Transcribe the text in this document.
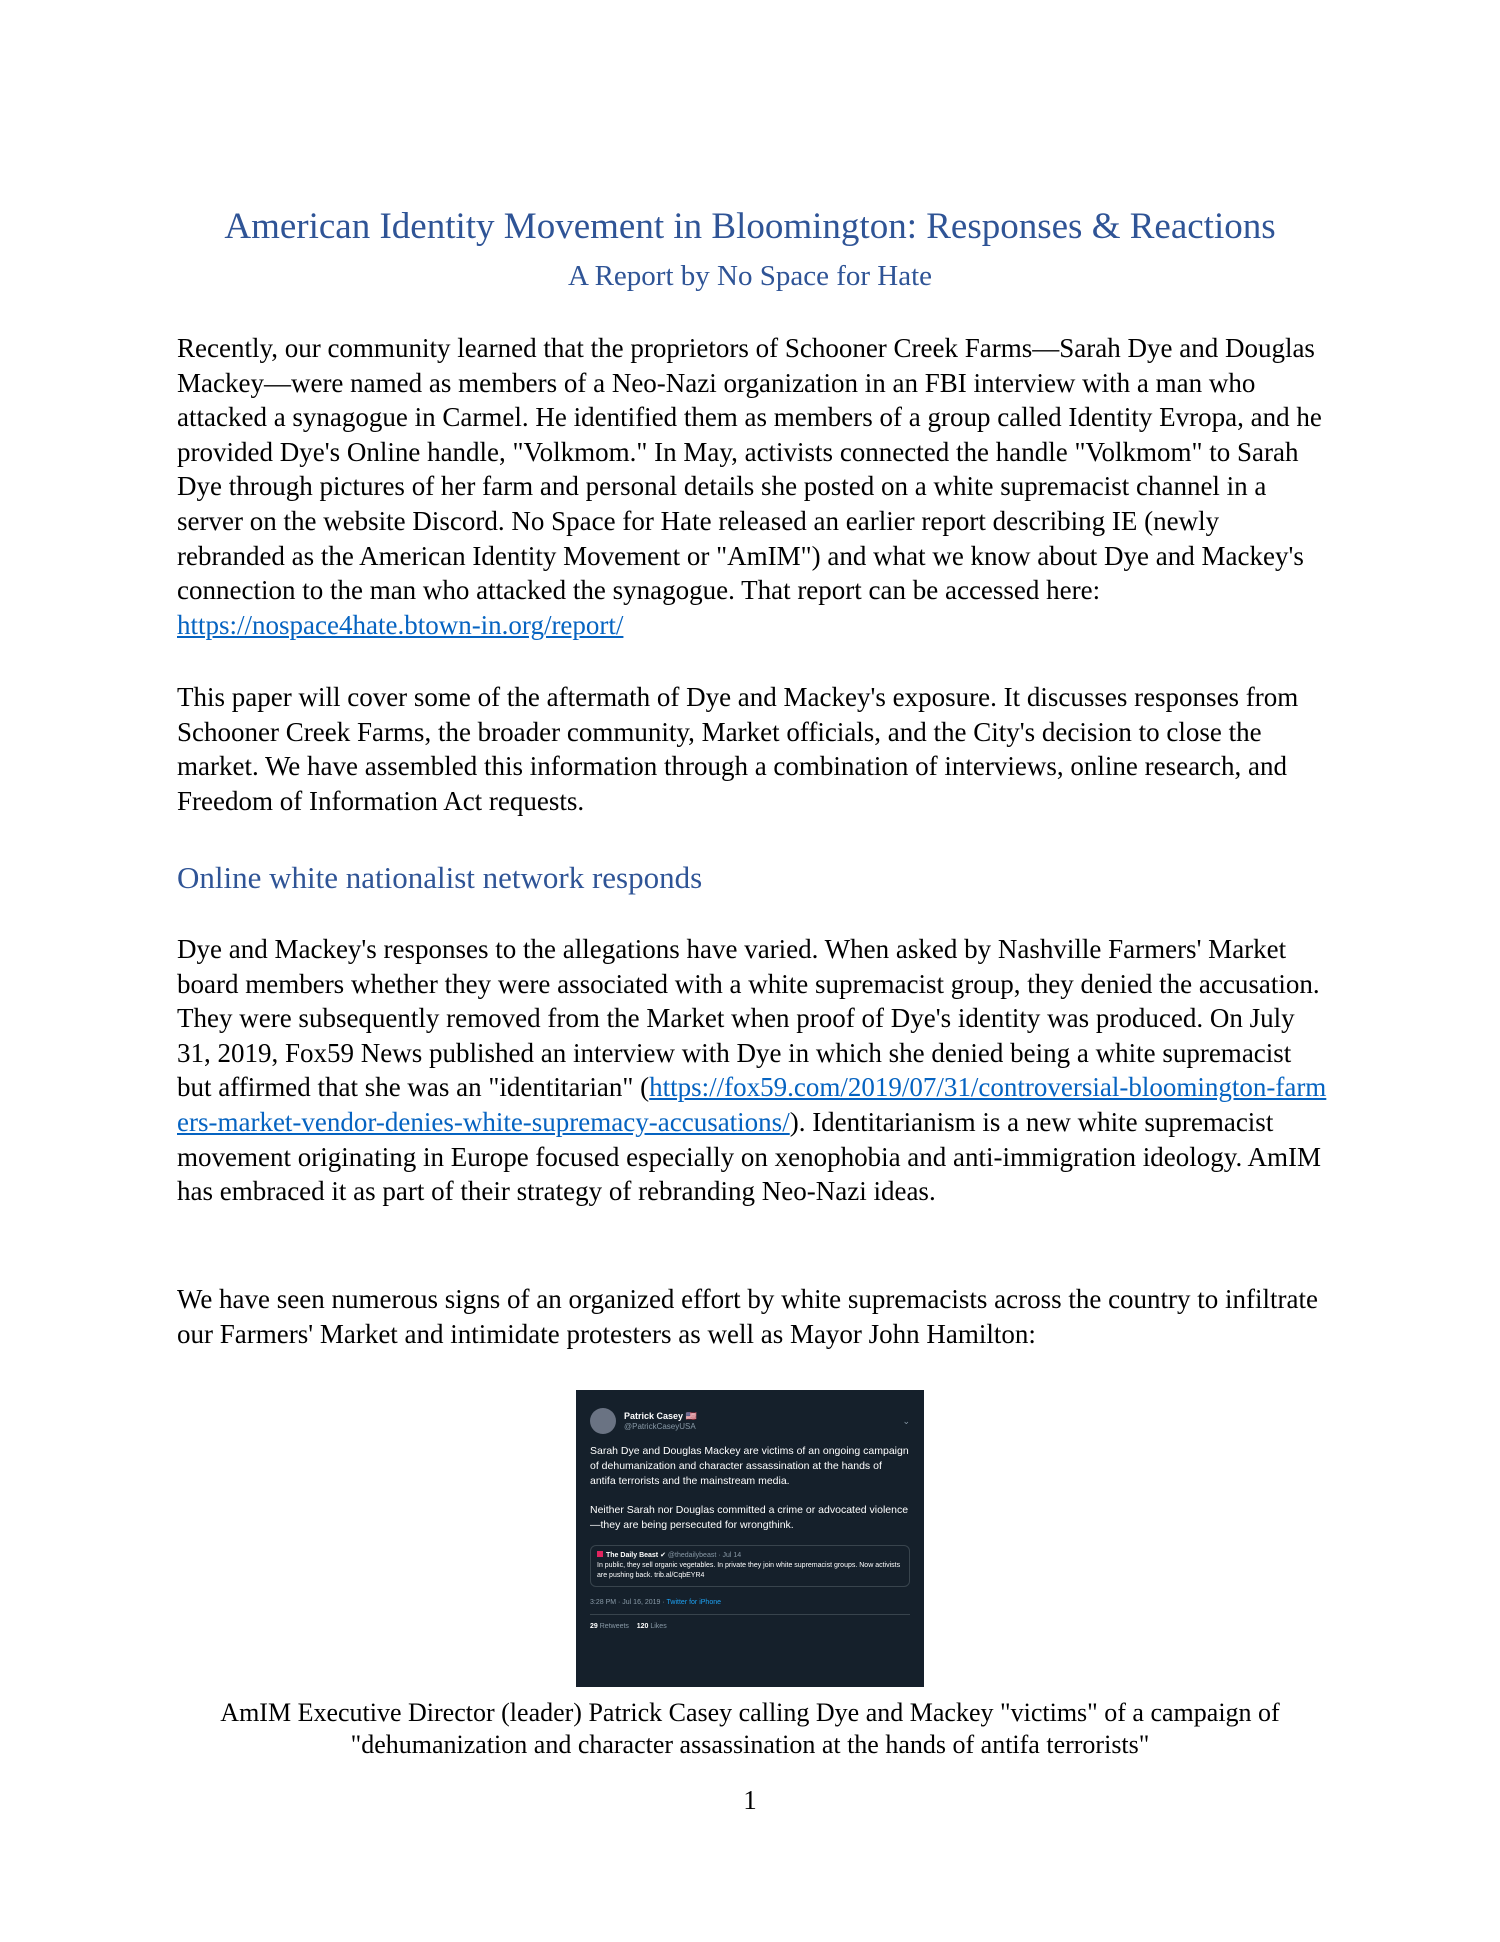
American Identity Movement in Bloomington: Responses & Reactions
A Report by No Space for Hate

Recently, our community learned that the proprietors of Schooner Creek Farms—Sarah Dye and Douglas Mackey—were named as members of a Neo-Nazi organization in an FBI interview with a man who attacked a synagogue in Carmel. He identified them as members of a group called Identity Evropa, and he provided Dye's Online handle, "Volkmom." In May, activists connected the handle "Volkmom" to Sarah Dye through pictures of her farm and personal details she posted on a white supremacist channel in a server on the website Discord. No Space for Hate released an earlier report describing IE (newly rebranded as the American Identity Movement or "AmIM") and what we know about Dye and Mackey's connection to the man who attacked the synagogue. That report can be accessed here: https://nospace4hate.btown-in.org/report/

This paper will cover some of the aftermath of Dye and Mackey's exposure. It discusses responses from Schooner Creek Farms, the broader community, Market officials, and the City's decision to close the market. We have assembled this information through a combination of interviews, online research, and Freedom of Information Act requests.

Online white nationalist network responds

Dye and Mackey's responses to the allegations have varied. When asked by Nashville Farmers' Market board members whether they were associated with a white supremacist group, they denied the accusation. They were subsequently removed from the Market when proof of Dye's identity was produced. On July 31, 2019, Fox59 News published an interview with Dye in which she denied being a white supremacist but affirmed that she was an "identitarian" (https://fox59.com/2019/07/31/controversial-bloomington-farmers-market-vendor-denies-white-supremacy-accusations/). Identitarianism is a new white supremacist movement originating in Europe focused especially on xenophobia and anti-immigration ideology. AmIM has embraced it as part of their strategy of rebranding Neo-Nazi ideas.

We have seen numerous signs of an organized effort by white supremacists across the country to infiltrate our Farmers' Market and intimidate protesters as well as Mayor John Hamilton:

Patrick Casey 🇺🇸
@PatrickCaseyUSA
⌄
Sarah Dye and Douglas Mackey are victims of an ongoing campaign of dehumanization and character assassination at the hands of antifa terrorists and the mainstream media.
Neither Sarah nor Douglas committed a crime or advocated violence—they are being persecuted for wrongthink.
The Daily Beast ✔ @thedailybeast · Jul 14
In public, they sell organic vegetables. In private they join white supremacist groups. Now activists are pushing back. trib.al/CqbEYR4
3:28 PM · Jul 16, 2019 · Twitter for iPhone
29 Retweets 120 Likes
AmIM Executive Director (leader) Patrick Casey calling Dye and Mackey "victims" of a campaign of "dehumanization and character assassination at the hands of antifa terrorists"
1
